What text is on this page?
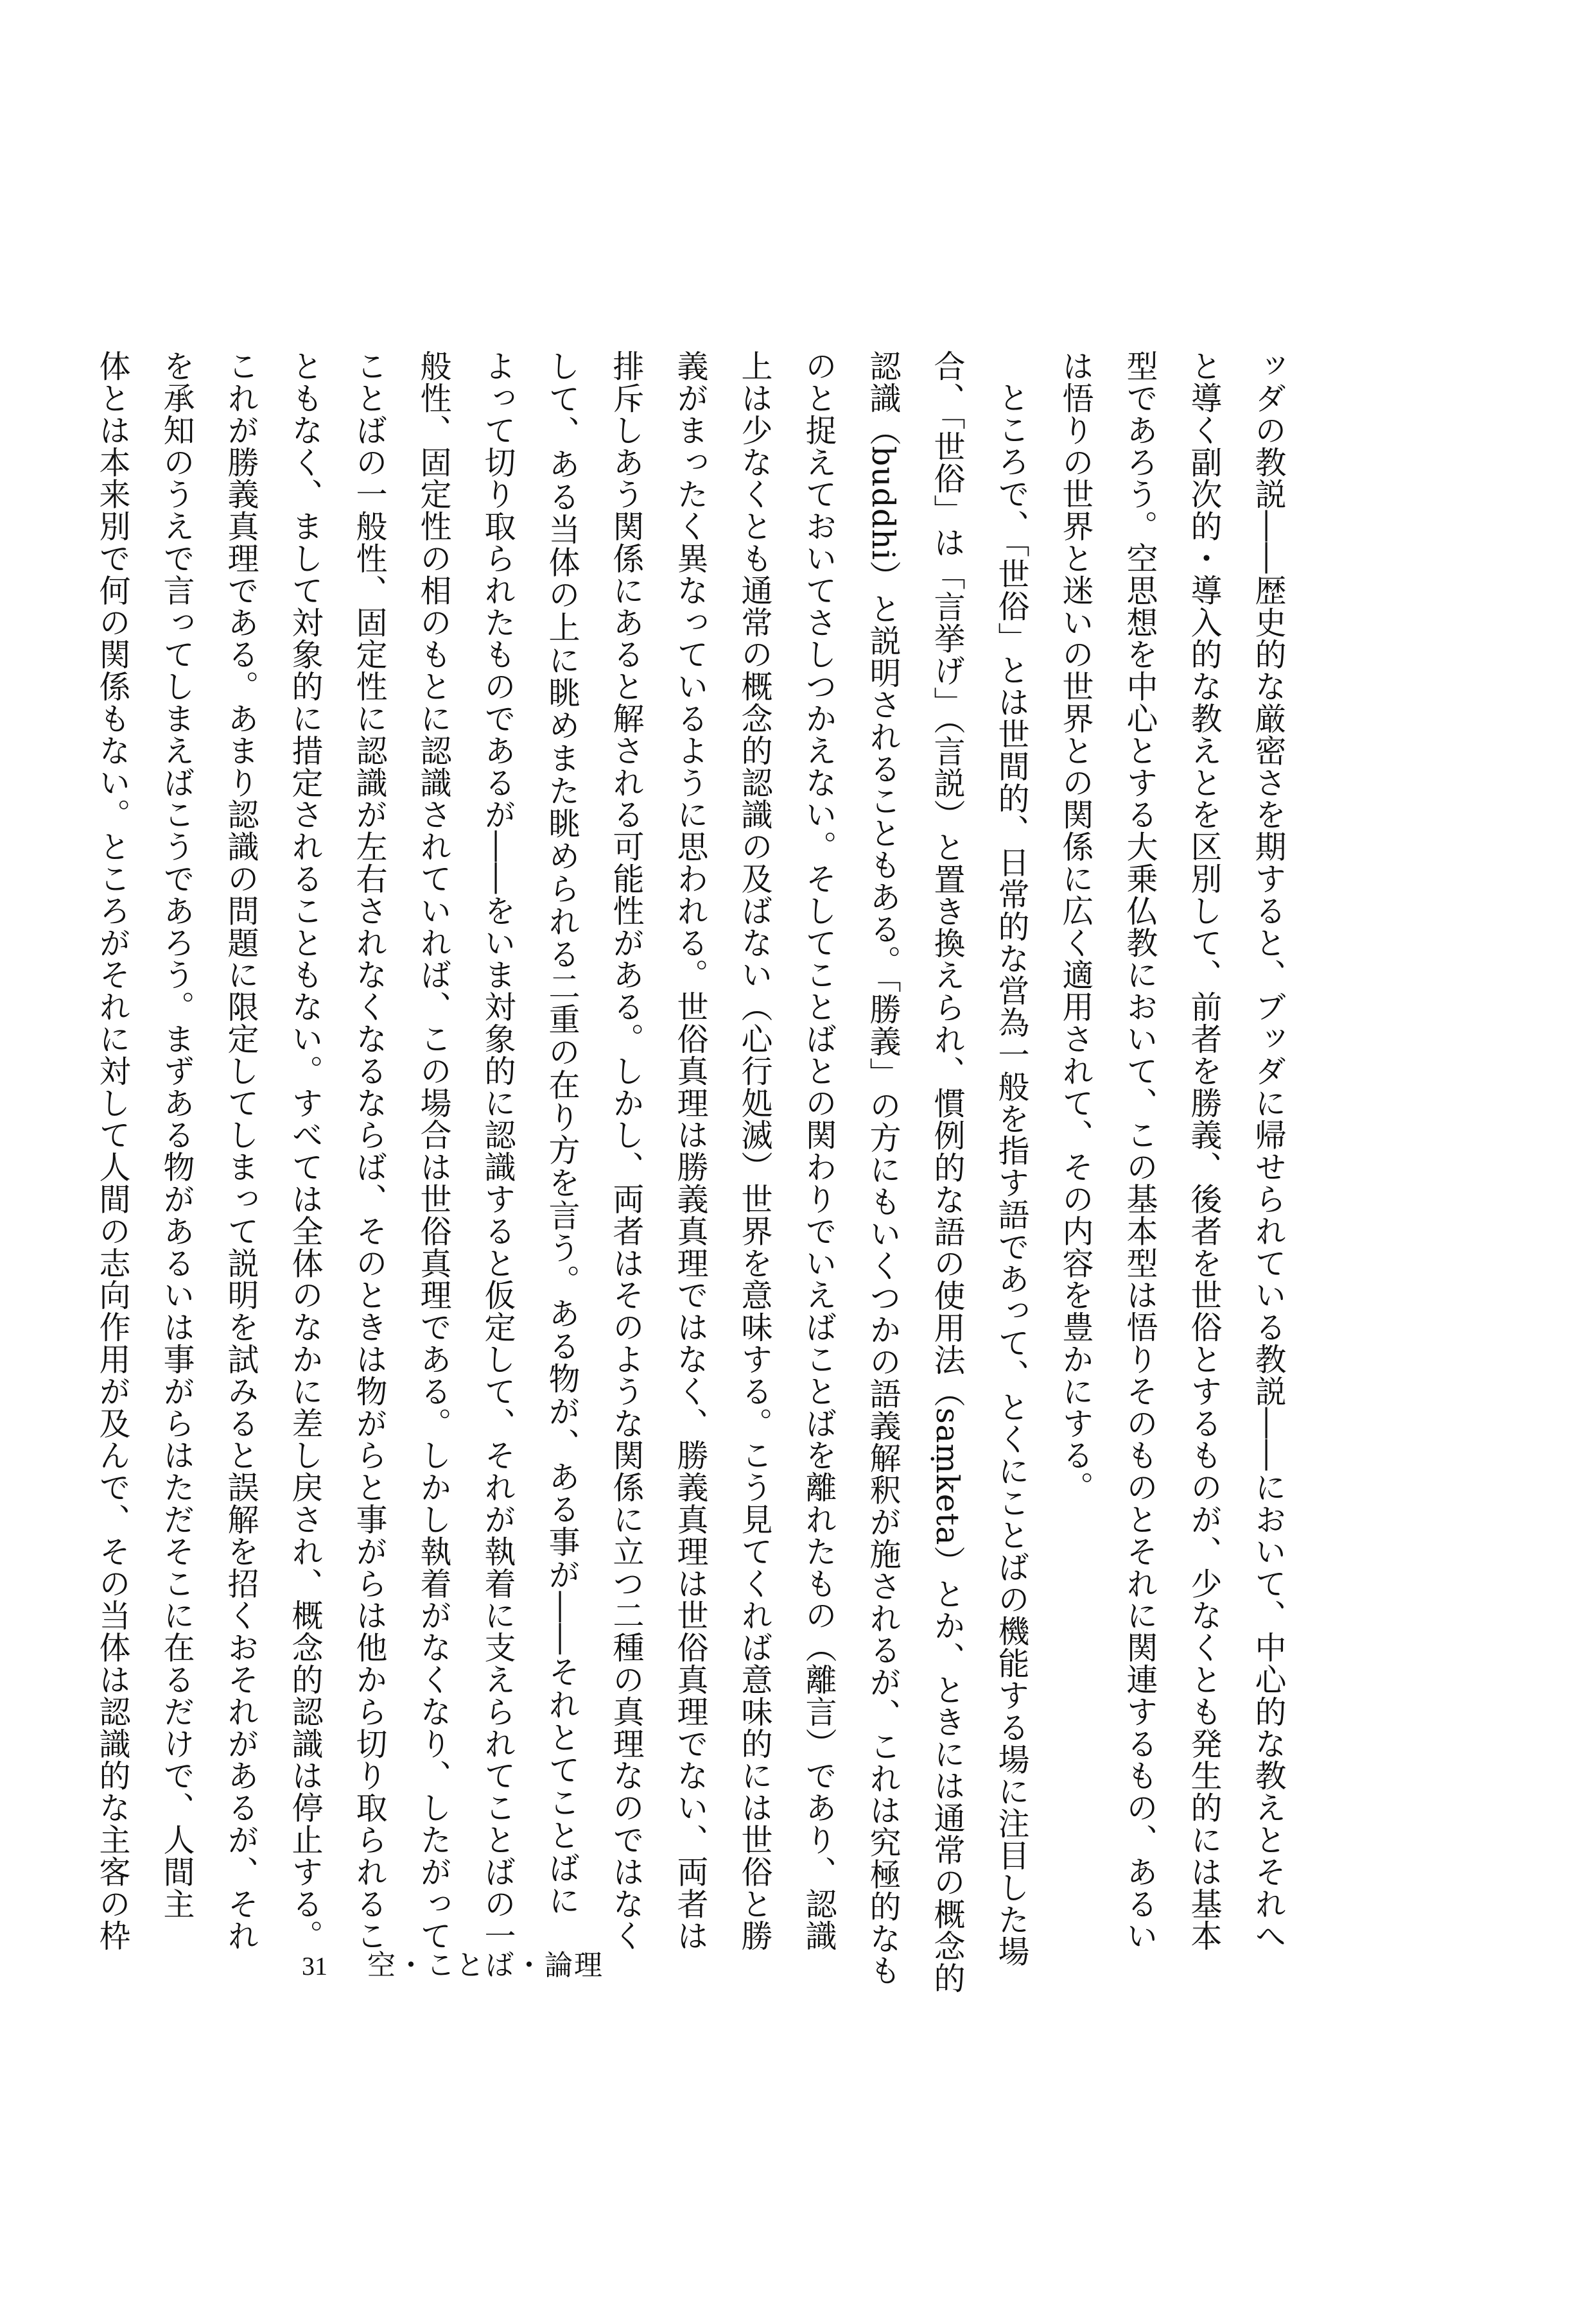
ッダの教説――歴史的な厳密さを期すると、ブッダに帰せられている教説――において、中心的な教えとそれへ
と導く副次的・導入的な教えとを区別して、前者を勝義、後者を世俗とするものが、少なくとも発生的には基本
型であろう。空思想を中心とする大乗仏教において、この基本型は悟りそのものとそれに関連するもの、あるい
は悟りの世界と迷いの世界との関係に広く適用されて、その内容を豊かにする。
ところで、「世俗」とは世間的、日常的な営為一般を指す語であって、とくにことばの機能する場に注目した場
合、「世俗」は「言挙げ」（言説）と置き換えられ、慣例的な語の使用法（saṃketa）とか、ときには通常の概念的
認識（buddhi）と説明されることもある。「勝義」の方にもいくつかの語義解釈が施されるが、これは究極的なも
のと捉えておいてさしつかえない。そしてことばとの関わりでいえばことばを離れたもの（離言）であり、認識
上は少なくとも通常の概念的認識の及ばない（心行処滅）世界を意味する。こう見てくれば意味的には世俗と勝
義がまったく異なっているように思われる。世俗真理は勝義真理ではなく、勝義真理は世俗真理でない、両者は
排斥しあう関係にあると解される可能性がある。しかし、両者はそのような関係に立つ二種の真理なのではなく
して、ある当体の上に眺めまた眺められる二重の在り方を言う。ある物が、ある事が――それとてことばに
よって切り取られたものであるが――をいま対象的に認識すると仮定して、それが執着に支えられてことばの一
般性、固定性の相のもとに認識されていれば、この場合は世俗真理である。しかし執着がなくなり、したがって
ことばの一般性、固定性に認識が左右されなくなるならば、そのときは物がらと事がらは他から切り取られるこ
ともなく、まして対象的に措定されることもない。すべては全体のなかに差し戻され、概念的認識は停止する。
これが勝義真理である。あまり認識の問題に限定してしまって説明を試みると誤解を招くおそれがあるが、それ
を承知のうえで言ってしまえばこうであろう。まずある物があるいは事がらはただそこに在るだけで、人間主
体とは本来別で何の関係もない。ところがそれに対して人間の志向作用が及んで、その当体は認識的な主客の枠
31 空・ことば・論理
